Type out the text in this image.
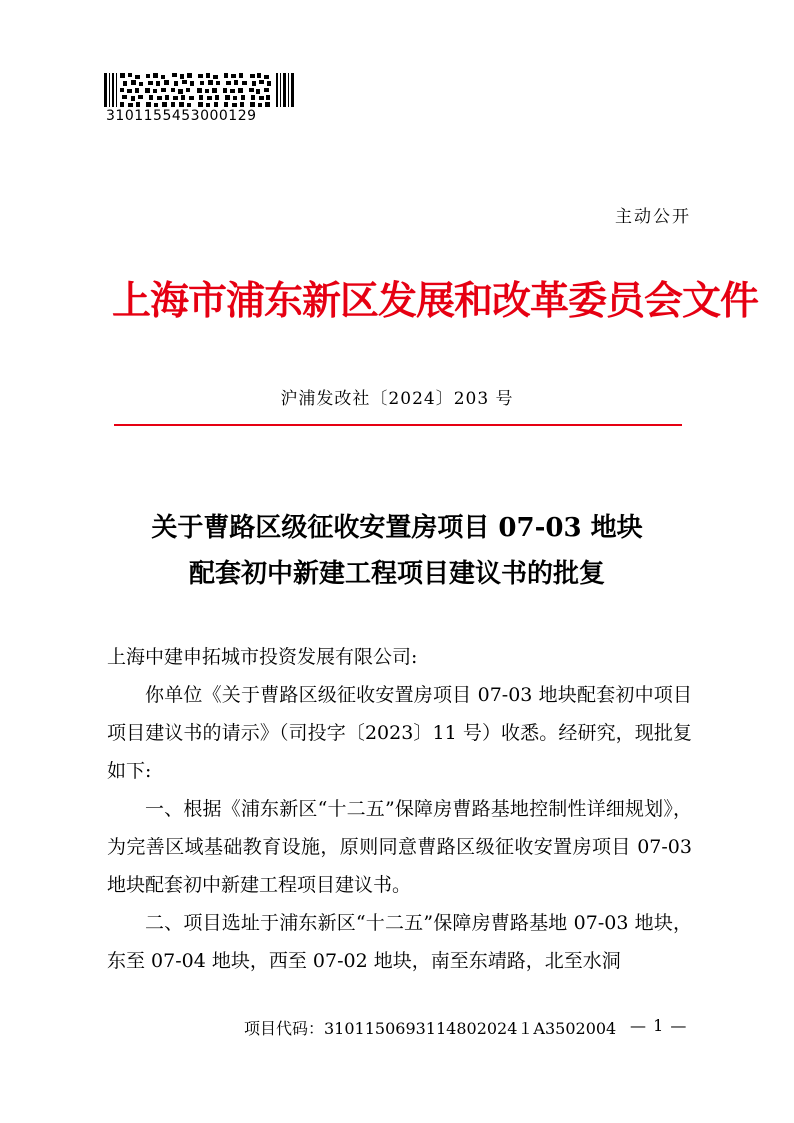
3101155453000129
主动公开
上海市浦东新区发展和改革委员会文件
沪浦发改社〔2024〕203 号
关于曹路区级征收安置房项目 07-03 地块
配套初中新建工程项目建议书的批复

上海中建申拓城市投资发展有限公司:

你单位《关于曹路区级征收安置房项目 07-03 地块配套初中项目项目建议书的请示》（司投字〔2023〕11 号）收悉。经研究，现批复如下:

一、根据《浦东新区“十二五”保障房曹路基地控制性详细规划》，为完善区域基础教育设施，原则同意曹路区级征收安置房项目 07-03 地块配套初中新建工程项目建议书。

二、项目选址于浦东新区“十二五”保障房曹路基地 07-03 地块，东至 07-04 地块，西至 07-02 地块，南至东靖路，北至水洞

项目代码：3101150693114802024１A3502004 — 1 —
